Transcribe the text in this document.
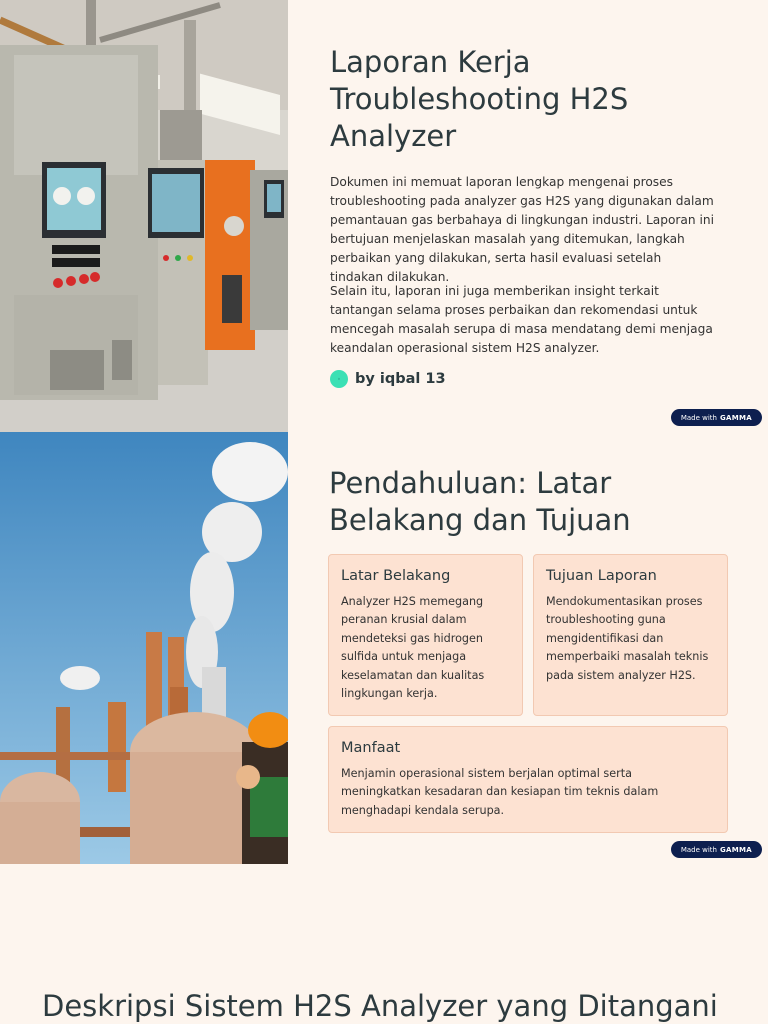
Laporan Kerja Troubleshooting H2S Analyzer

Dokumen ini memuat laporan lengkap mengenai proses troubleshooting pada analyzer gas H2S yang digunakan dalam pemantauan gas berbahaya di lingkungan industri. Laporan ini bertujuan menjelaskan masalah yang ditemukan, langkah perbaikan yang dilakukan, serta hasil evaluasi setelah tindakan dilakukan.

Selain itu, laporan ini juga memberikan insight terkait tantangan selama proses perbaikan dan rekomendasi untuk mencegah masalah serupa di masa mendatang demi menjaga keandalan operasional sistem H2S analyzer.

◦ by iqbal 13
Made with GAMMA
Pendahuluan: Latar Belakang dan Tujuan
Latar Belakang

Analyzer H2S memegang peranan krusial dalam mendeteksi gas hidrogen sulfida untuk menjaga keselamatan dan kualitas lingkungan kerja.

Tujuan Laporan

Mendokumentasikan proses troubleshooting guna mengidentifikasi dan memperbaiki masalah teknis pada sistem analyzer H2S.

Manfaat

Menjamin operasional sistem berjalan optimal serta meningkatkan kesadaran dan kesiapan tim teknis dalam menghadapi kendala serupa.

Made with GAMMA
Deskripsi Sistem H2S Analyzer yang Ditangani
